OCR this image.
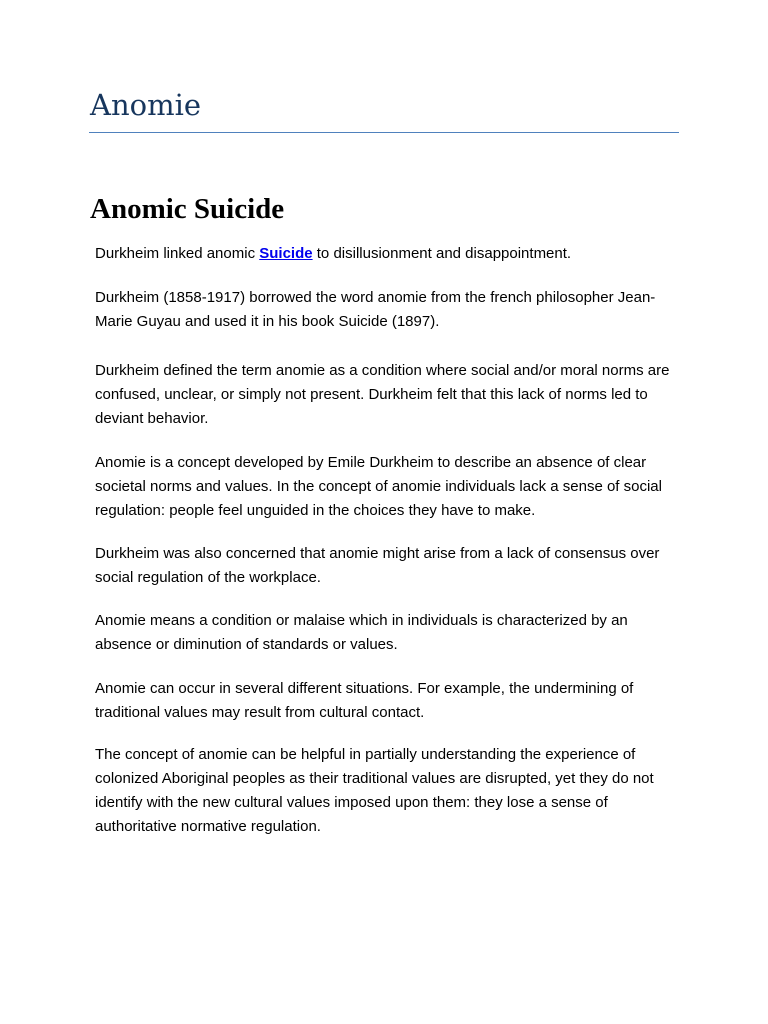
Anomie
Anomic Suicide

Durkheim linked anomic Suicide to disillusionment and disappointment.

Durkheim (1858-1917) borrowed the word anomie from the french philosopher Jean-Marie Guyau and used it in his book Suicide (1897).

Durkheim defined the term anomie as a condition where social and/or moral norms are confused, unclear, or simply not present. Durkheim felt that this lack of norms led to deviant behavior.

Anomie is a concept developed by Emile Durkheim to describe an absence of clear societal norms and values. In the concept of anomie individuals lack a sense of social regulation: people feel unguided in the choices they have to make.

Durkheim was also concerned that anomie might arise from a lack of consensus over social regulation of the workplace.

Anomie means a condition or malaise which in individuals is characterized by an absence or diminution of standards or values.

Anomie can occur in several different situations. For example, the undermining of traditional values may result from cultural contact.

The concept of anomie can be helpful in partially understanding the experience of colonized Aboriginal peoples as their traditional values are disrupted, yet they do not identify with the new cultural values imposed upon them: they lose a sense of authoritative normative regulation.
